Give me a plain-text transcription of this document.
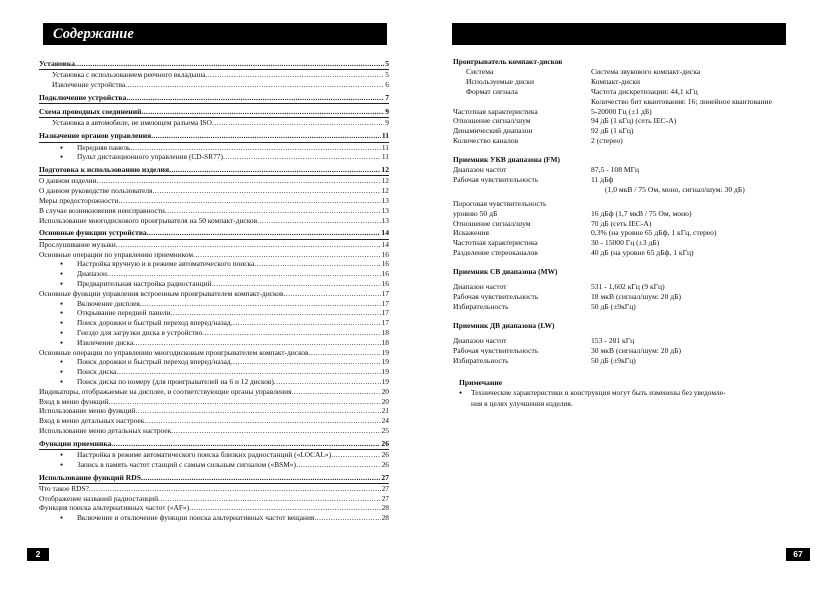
Содержание
Установка .....	5
Установка с использованием реечного вкладыша .....	5
Извлечение устройства .....	6
Подключение устройства .....	7
Схема проводных соединений .....	9
Установка в автомобиле, не имеющем разъема ISO .....	9
Назначение органов управления .....	11
● Передняя панель .....	11
● Пульт дистанционного управления (CD-SR77) .....	11
Подготовка к использованию изделия .....	12
О данном изделии .....	12
О данном руководстве пользователя .....	12
Меры предосторожности .....	13
В случае возникновения неисправности .....	13
Использование многодискового проигрывателя на 50 компакт-дисков .....	13
Основные функции устройства .....	14
Прослушивание музыки .....	14
Основные операции по управлению приемником .....	16
● Настройка вручную и в режиме автоматического поиска .....	16
● Диапазон .....	16
● Предварительная настройка радиостанций .....	16
Основные функции управления встроенным проигрывателем компакт-дисков .....	17
● Включение дисплея .....	17
● Открывание передней панели .....	17
● Поиск дорожки и быстрый переход вперед/назад .....	17
● Гнездо для загрузки диска в устройство .....	18
● Извлечение диска .....	18
Основные операции по управлению многодисковым проигрывателем компакт-дисков .....	19
● Поиск дорожки и быстрый переход вперед/назад .....	19
● Поиск диска .....	19
● Поиск диска по номеру (для проигрывателей на 6 и 12 дисков) .....	19
Индикаторы, отображаемые на дисплее, и соответствующие органы управления .....	20
Вход в меню функций .....	20
Использование меню функций .....	21
Вход в меню детальных настроек .....	24
Использование меню детальных настроек .....	25
Функции приемника .....	26
● Настройка в режиме автоматического поиска близких радиостанций («LOCAL») .....	26
● Запись в память частот станций с самым сильным сигналом («BSM») .....	26
Использование функций RDS .....	27
Что такое RDS? .....	27
Отображение названий радиостанций .....	27
Функция поиска альтернативных частот («AF») .....	28
● Включение и отключение функции поиска альтернативных частот вещания .....	28
2
Проигрыватель компакт-дисков
Система	Система звукового компакт-диска
Используемые диски	Компакт-диски
Формат сигнала	Частота дискретизации: 44,1 кГц
Количество бит квантования: 16; линейное квантование
Частотная характеристика	5-20000 Гц (±1 дБ)
Отношение сигнал/шум	94 дБ (1 кГц) (сеть IEC-A)
Динамический диапазон	92 дБ (1 кГц)
Количество каналов	2 (стерео)
Приемник УКВ диапазона (FM)
Диапазон частот	87,5 - 108 МГц
Рабочая чувствительность	11 дБф
(1,0 мкВ / 75 Ом, моно, сигнал/шум: 30 дБ)
Пороговая чувствительность
уровню 50 дБ	16 дБф (1,7 мкВ / 75 Ом, моно)
Отношение сигнал/шум	70 дБ (сеть IEC-A)
Искажения	0,3% (на уровне 65 дБф, 1 кГц, стерео)
Частотная характеристика	30 - 15000 Гц (±3 дБ)
Разделение стереоканалов	40 дБ (на уровне 65 дБф, 1 кГц)
Приемник СВ диапазона (MW)
Диапазон частот	531 - 1,602 кГц (9 кГц)
Рабочая чувствительность	18 мкВ (сигнал/шум: 20 дБ)
Избирательность	50 дБ (±9кГц)
Приемник ДВ диапазона (LW)
Диапазон частот	153 - 281 кГц
Рабочая чувствительность	30 мкВ (сигнал/шум: 20 дБ)
Избирательность	50 дБ (±9кГц)
Примечание
●	Технические характеристики и конструкция могут быть изменены без уведомле-
ния в целях улучшения изделия.
67
